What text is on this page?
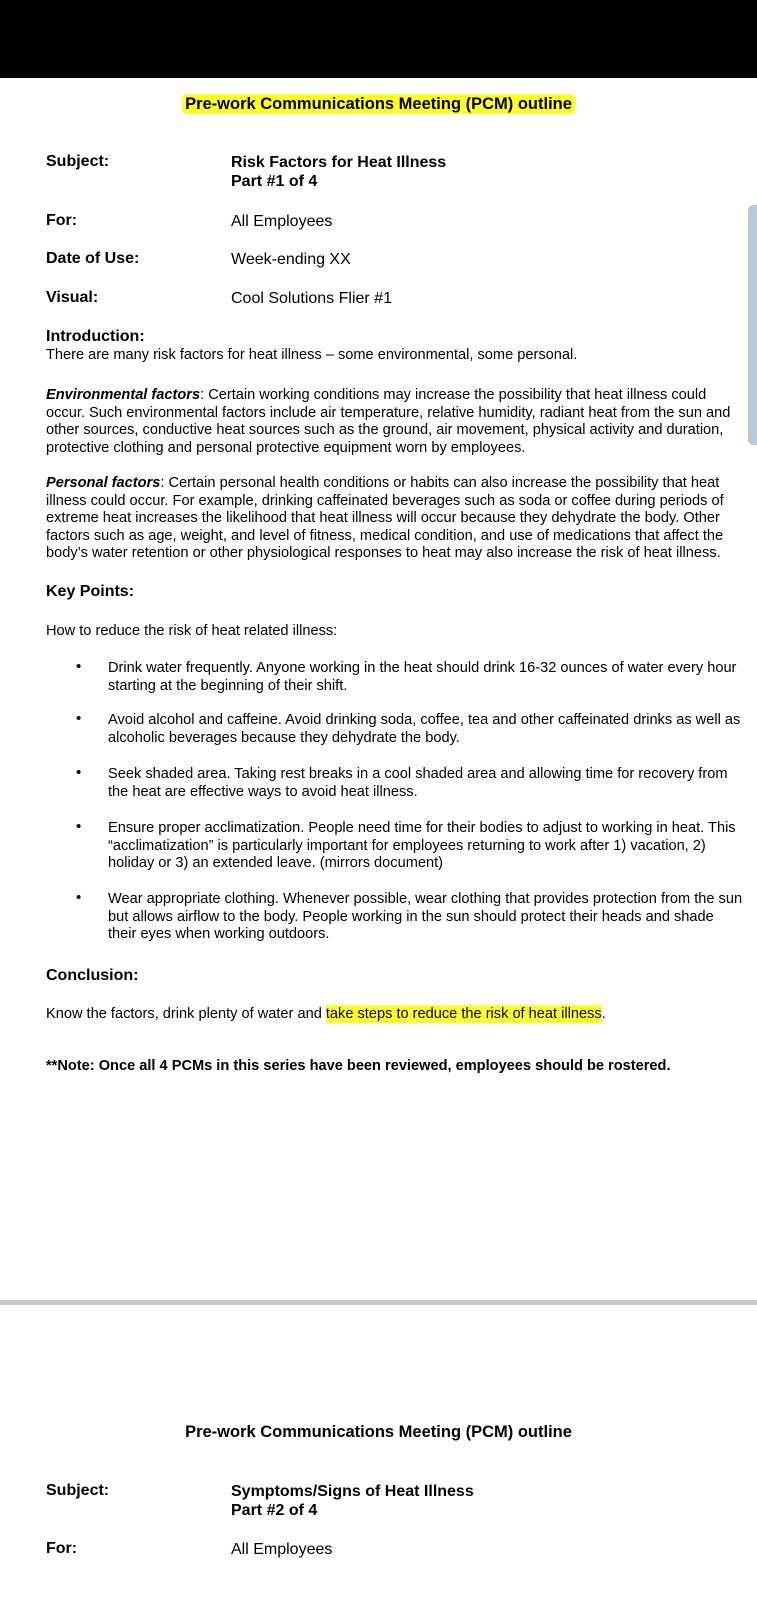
Pre-work Communications Meeting (PCM) outline
Subject:	Risk Factors for Heat Illness
Part #1 of 4
For:	All Employees
Date of Use:	Week-ending XX
Visual:	Cool Solutions Flier #1
Introduction:
There are many risk factors for heat illness – some environmental, some personal.
Environmental factors: Certain working conditions may increase the possibility that heat illness could
occur. Such environmental factors include air temperature, relative humidity, radiant heat from the sun and
other sources, conductive heat sources such as the ground, air movement, physical activity and duration,
protective clothing and personal protective equipment worn by employees.
Personal factors: Certain personal health conditions or habits can also increase the possibility that heat
illness could occur. For example, drinking caffeinated beverages such as soda or coffee during periods of
extreme heat increases the likelihood that heat illness will occur because they dehydrate the body. Other
factors such as age, weight, and level of fitness, medical condition, and use of medications that affect the
body’s water retention or other physiological responses to heat may also increase the risk of heat illness.
Key Points:
How to reduce the risk of heat related illness:
• Drink water frequently. Anyone working in the heat should drink 16-32 ounces of water every hour
starting at the beginning of their shift.
• Avoid alcohol and caffeine. Avoid drinking soda, coffee, tea and other caffeinated drinks as well as
alcoholic beverages because they dehydrate the body.
• Seek shaded area. Taking rest breaks in a cool shaded area and allowing time for recovery from
the heat are effective ways to avoid heat illness.
• Ensure proper acclimatization. People need time for their bodies to adjust to working in heat. This
“acclimatization” is particularly important for employees returning to work after 1) vacation, 2)
holiday or 3) an extended leave. (mirrors document)
• Wear appropriate clothing. Whenever possible, wear clothing that provides protection from the sun
but allows airflow to the body. People working in the sun should protect their heads and shade
their eyes when working outdoors.
Conclusion:
Know the factors, drink plenty of water and take steps to reduce the risk of heat illness.
**Note: Once all 4 PCMs in this series have been reviewed, employees should be rostered.
Pre-work Communications Meeting (PCM) outline
Subject:	Symptoms/Signs of Heat Illness
Part #2 of 4
For:	All Employees
